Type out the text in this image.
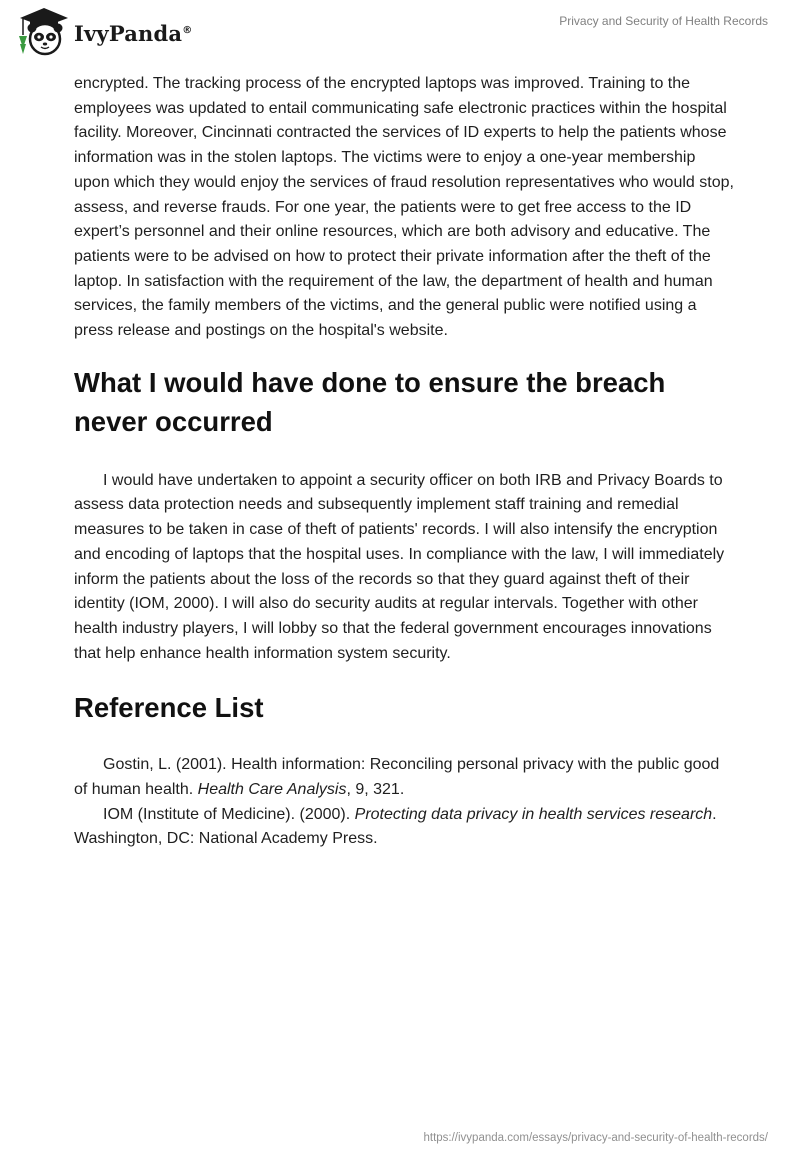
IvyPanda®
Privacy and Security of Health Records

encrypted. The tracking process of the encrypted laptops was improved. Training to the employees was updated to entail communicating safe electronic practices within the hospital facility. Moreover, Cincinnati contracted the services of ID experts to help the patients whose information was in the stolen laptops. The victims were to enjoy a one-year membership upon which they would enjoy the services of fraud resolution representatives who would stop, assess, and reverse frauds. For one year, the patients were to get free access to the ID expert’s personnel and their online resources, which are both advisory and educative. The patients were to be advised on how to protect their private information after the theft of the laptop. In satisfaction with the requirement of the law, the department of health and human services, the family members of the victims, and the general public were notified using a press release and postings on the hospital's website.

What I would have done to ensure the breach never occurred

I would have undertaken to appoint a security officer on both IRB and Privacy Boards to assess data protection needs and subsequently implement staff training and remedial measures to be taken in case of theft of patients' records. I will also intensify the encryption and encoding of laptops that the hospital uses. In compliance with the law, I will immediately inform the patients about the loss of the records so that they guard against theft of their identity (IOM, 2000). I will also do security audits at regular intervals. Together with other health industry players, I will lobby so that the federal government encourages innovations that help enhance health information system security.

Reference List

Gostin, L. (2001). Health information: Reconciling personal privacy with the public good of human health. Health Care Analysis, 9, 321.

IOM (Institute of Medicine). (2000). Protecting data privacy in health services research. Washington, DC: National Academy Press.

https://ivypanda.com/essays/privacy-and-security-of-health-records/
